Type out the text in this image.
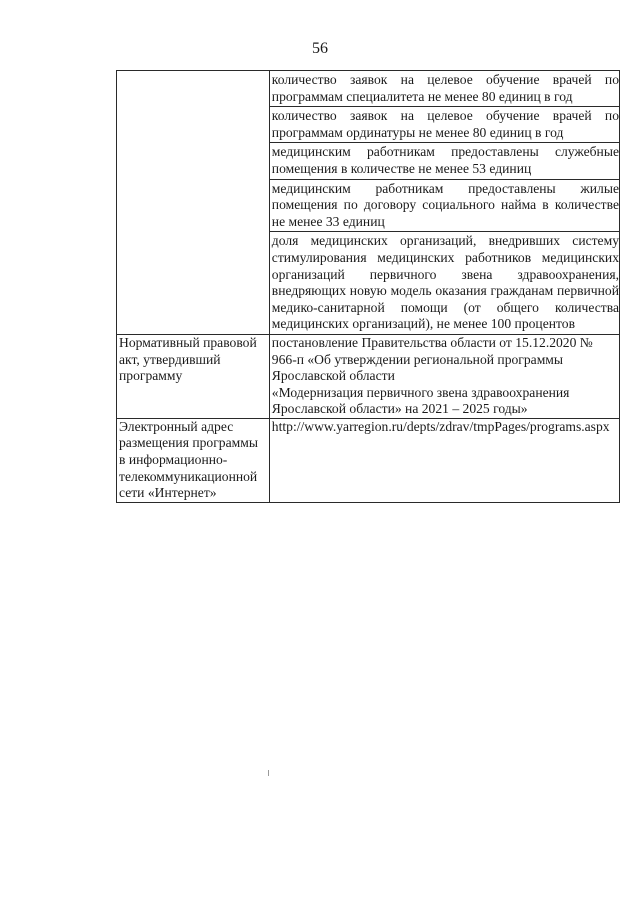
56

	количество заявок на целевое обучение врачей по программам специалитета не менее 80 единиц в год
количество заявок на целевое обучение врачей по программам ординатуры не менее 80 единиц в год
медицинским работникам предоставлены служебные помещения в количестве не менее 53 единиц
медицинским работникам предоставлены жилые помещения по договору социального найма в количестве не менее 33 единиц
доля медицинских организаций, внедривших систему стимулирования медицинских работников медицинских организаций первичного звена здравоохранения, внедряющих новую модель оказания гражданам первичной медико-санитарной помощи (от общего количества медицинских организаций), не менее 100 процентов

Нормативный правовой акт, утвердивший программу	постановление Правительства области от 15.12.2020 № 966-п «Об утверждении региональной программы Ярославской области
«Модернизация первичного звена здравоохранения Ярославской области» на 2021 – 2025 годы»

Электронный адрес размещения программы в информационно-телекоммуникационной сети «Интернет»	http://www.yarregion.ru/depts/zdrav/tmpPages/programs.aspx
